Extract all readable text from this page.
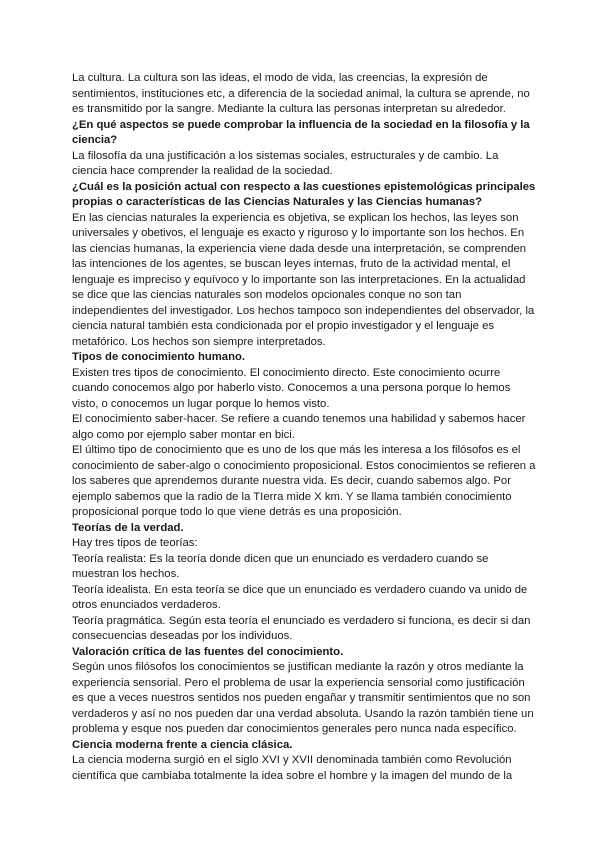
La cultura. La cultura son las ideas, el modo de vida, las creencias, la expresión de
sentimientos, instituciones etc, a diferencia de la sociedad animal, la cultura se aprende, no
es transmitido por la sangre. Mediante la cultura las personas interpretan su alrededor.

¿En qué aspectos se puede comprobar la influencia de la sociedad en la filosofía y la
ciencia?

La filosofía da una justificación a los sistemas sociales, estructurales y de cambio. La
ciencia hace comprender la realidad de la sociedad.

¿Cuál es la posición actual con respecto a las cuestiones epistemológicas principales
propias o características de las Ciencias Naturales y las Ciencias humanas?

En las ciencias naturales la experiencia es objetiva, se explican los hechos, las leyes son
universales y obetivos, el lenguaje es exacto y riguroso y lo importante son los hechos. En
las ciencias humanas, la experiencia viene dada desde una interpretación, se comprenden
las intenciones de los agentes, se buscan leyes internas, fruto de la actividad mental, el
lenguaje es impreciso y equívoco y lo importante son las interpretaciones. En la actualidad
se dice que las ciencias naturales son modelos opcionales conque no son tan
independientes del investigador. Los hechos tampoco son independientes del observador, la
ciencia natural también esta condicionada por el propio investigador y el lenguaje es
metafórico. Los hechos son siempre interpretados.

Tipos de conocimiento humano.

Existen tres tipos de conocimiento. El conocimiento directo. Este conocimiento ocurre
cuando conocemos algo por haberlo visto. Conocemos a una persona porque lo hemos
visto, o conocemos un lugar porque lo hemos visto.

El conocimiento saber-hacer. Se refiere a cuando tenemos una habilidad y sabemos hacer
algo como por ejemplo saber montar en bici.

El último tipo de conocimiento que es uno de los que más les interesa a los filósofos es el
conocimiento de saber-algo o conocimiento proposicional. Estos conocimientos se refieren a
los saberes que aprendemos durante nuestra vida. Es decir, cuando sabemos algo. Por
ejemplo sabemos que la radio de la TIerra mide X km. Y se llama también conocimiento
proposicional porque todo lo que viene detrás es una proposición.

Teorías de la verdad.

Hay tres tipos de teorías:

Teoría realista: Es la teoría donde dicen que un enunciado es verdadero cuando se
muestran los hechos.

Teoría idealista. En esta teoría se dice que un enunciado es verdadero cuando va unido de
otros enunciados verdaderos.

Teoría pragmática. Según esta teoría el enunciado es verdadero si funciona, es decir si dan
consecuencias deseadas por los individuos.

Valoración crítica de las fuentes del conocimiento.

Según unos filósofos los conocimientos se justifican mediante la razón y otros mediante la
experiencia sensorial. Pero el problema de usar la experiencia sensorial como justificación
es que a veces nuestros sentidos nos pueden engañar y transmitir sentimientos que no son
verdaderos y así no nos pueden dar una verdad absoluta. Usando la razón también tiene un
problema y esque nos pueden dar conocimientos generales pero nunca nada específico.

Ciencia moderna frente a ciencia clásica.

La ciencia moderna surgió en el siglo XVI y XVII denominada también como Revolución
científica que cambiaba totalmente la idea sobre el hombre y la imagen del mundo de la
